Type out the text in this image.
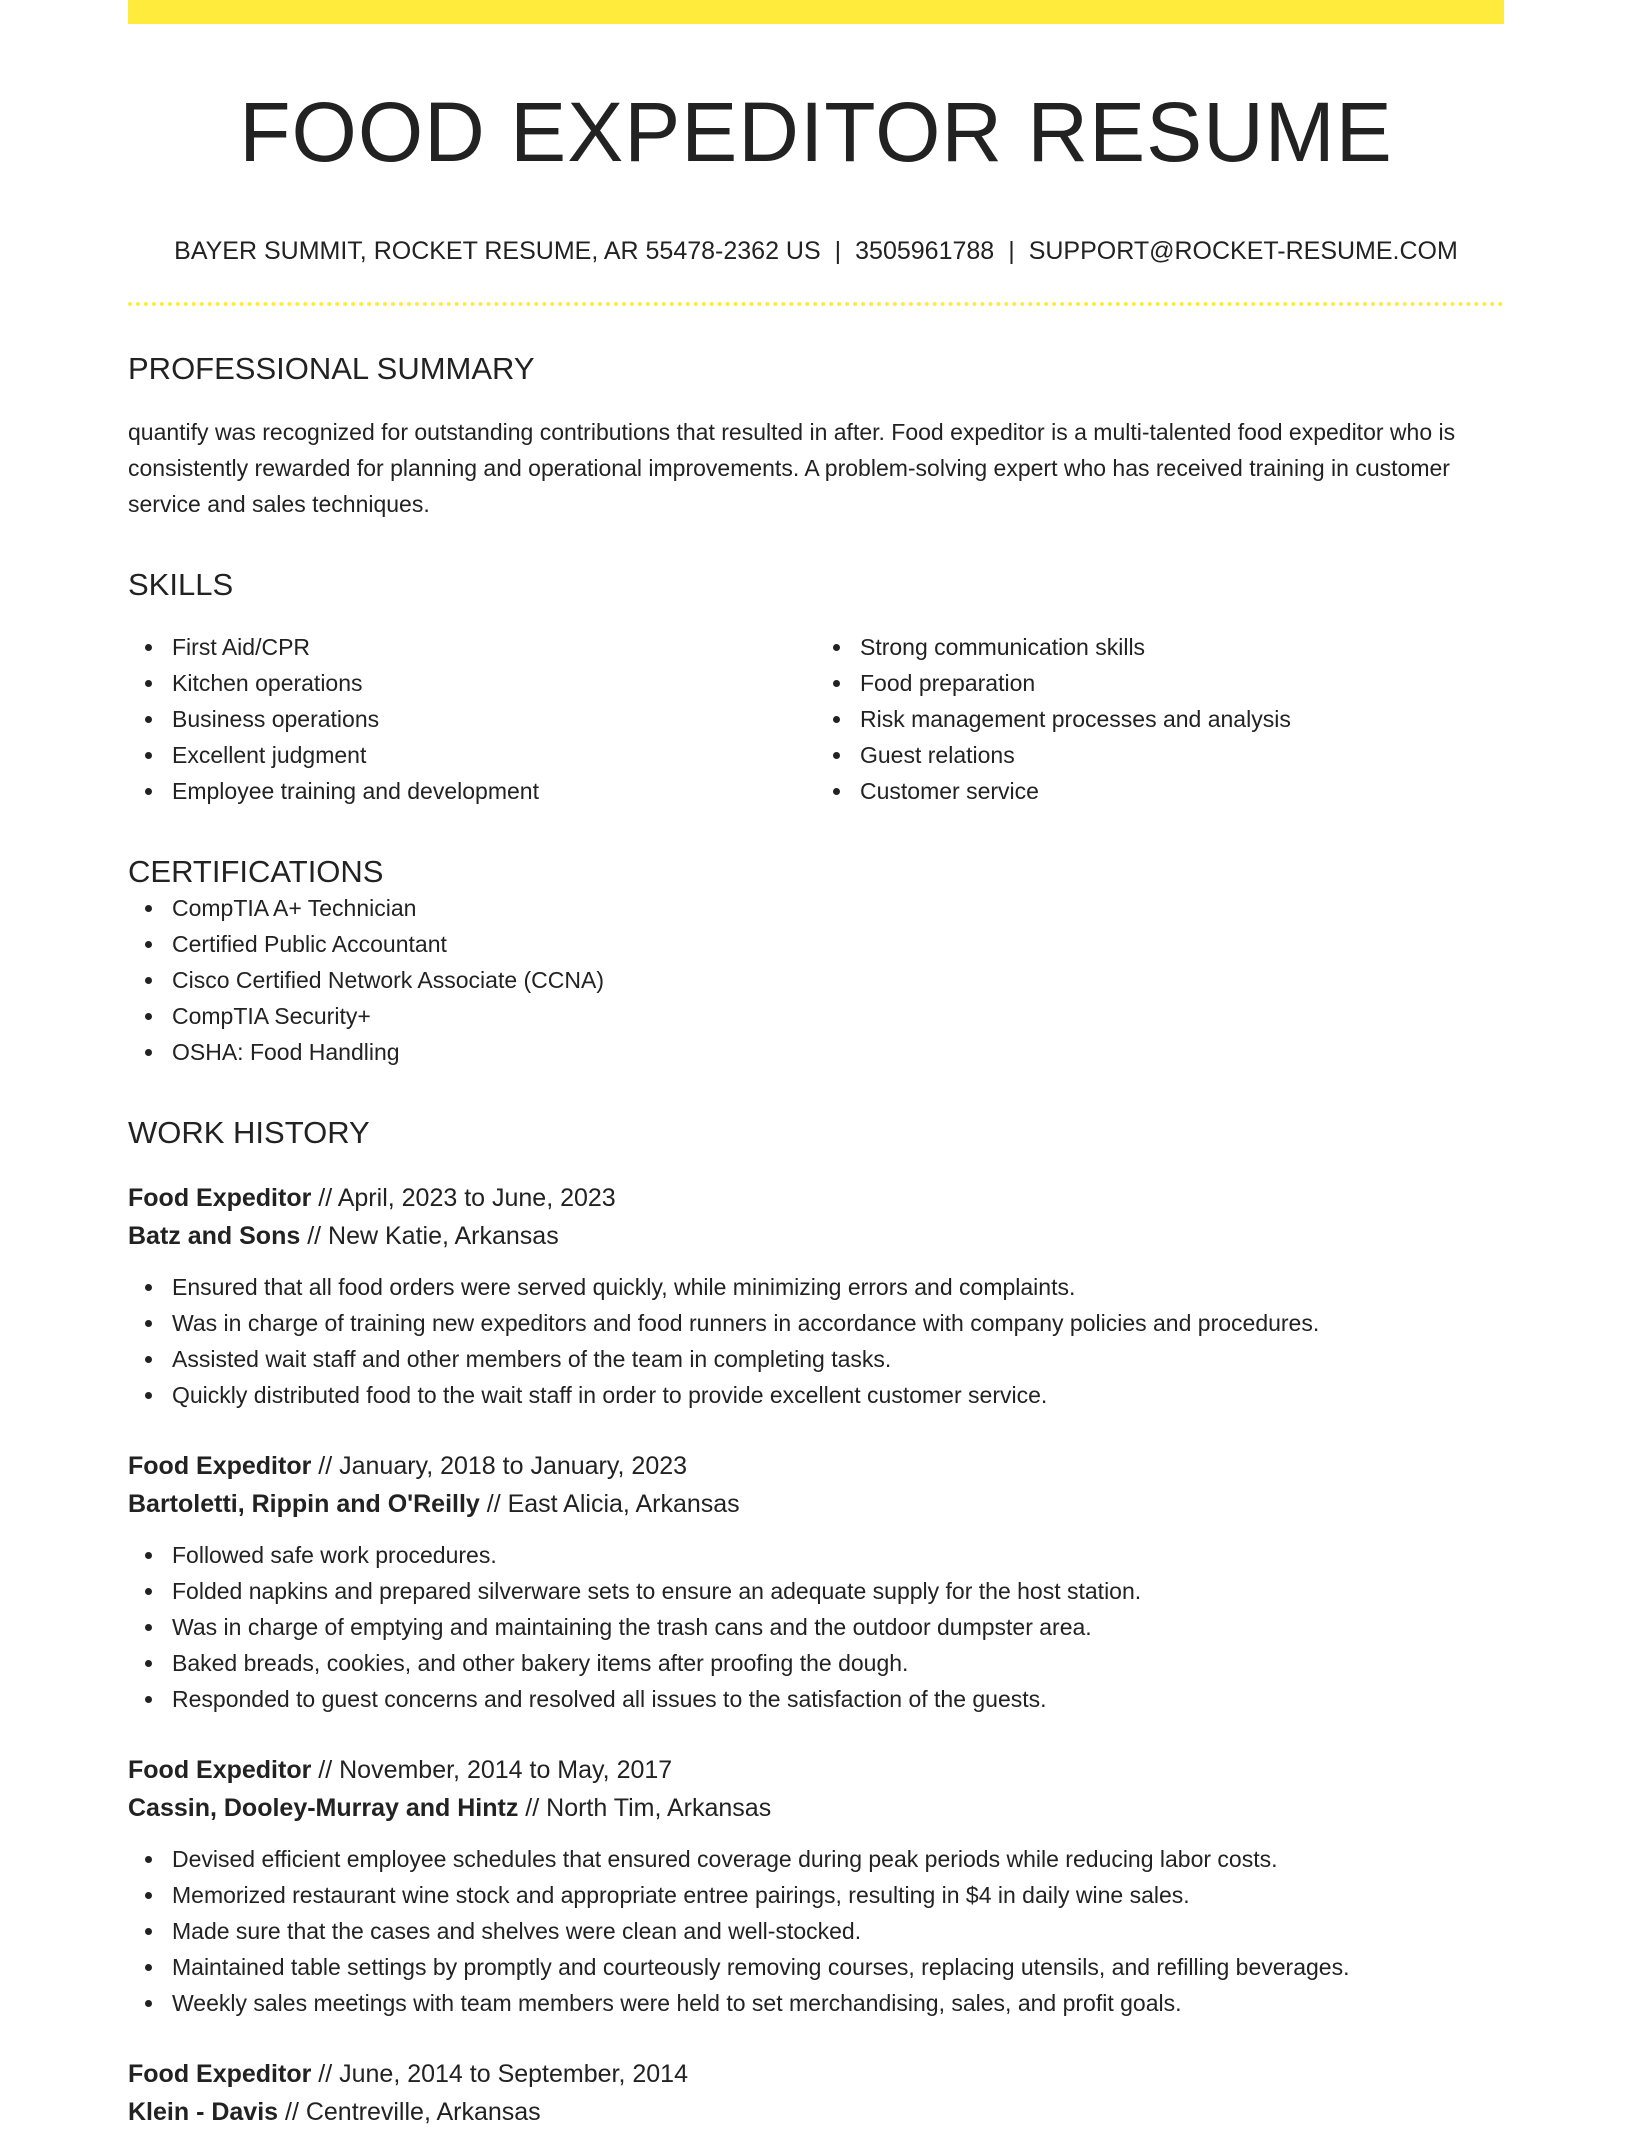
FOOD EXPEDITOR RESUME
BAYER SUMMIT, ROCKET RESUME, AR 55478-2362 US | 3505961788 | SUPPORT@ROCKET-RESUME.COM
PROFESSIONAL SUMMARY

quantify was recognized for outstanding contributions that resulted in after. Food expeditor is a multi-talented food expeditor who is consistently rewarded for planning and operational improvements. A problem-solving expert who has received training in customer service and sales techniques.

SKILLS
First Aid/CPR
Kitchen operations
Business operations
Excellent judgment
Employee training and development
Strong communication skills
Food preparation
Risk management processes and analysis
Guest relations
Customer service
CERTIFICATIONS
CompTIA A+ Technician
Certified Public Accountant
Cisco Certified Network Associate (CCNA)
CompTIA Security+
OSHA: Food Handling
WORK HISTORY
Food Expeditor // April, 2023 to June, 2023
Batz and Sons // New Katie, Arkansas
Ensured that all food orders were served quickly, while minimizing errors and complaints.
Was in charge of training new expeditors and food runners in accordance with company policies and procedures.
Assisted wait staff and other members of the team in completing tasks.
Quickly distributed food to the wait staff in order to provide excellent customer service.
Food Expeditor // January, 2018 to January, 2023
Bartoletti, Rippin and O'Reilly // East Alicia, Arkansas
Followed safe work procedures.
Folded napkins and prepared silverware sets to ensure an adequate supply for the host station.
Was in charge of emptying and maintaining the trash cans and the outdoor dumpster area.
Baked breads, cookies, and other bakery items after proofing the dough.
Responded to guest concerns and resolved all issues to the satisfaction of the guests.
Food Expeditor // November, 2014 to May, 2017
Cassin, Dooley-Murray and Hintz // North Tim, Arkansas
Devised efficient employee schedules that ensured coverage during peak periods while reducing labor costs.
Memorized restaurant wine stock and appropriate entree pairings, resulting in $4 in daily wine sales.
Made sure that the cases and shelves were clean and well-stocked.
Maintained table settings by promptly and courteously removing courses, replacing utensils, and refilling beverages.
Weekly sales meetings with team members were held to set merchandising, sales, and profit goals.
Food Expeditor // June, 2014 to September, 2014
Klein - Davis // Centreville, Arkansas
